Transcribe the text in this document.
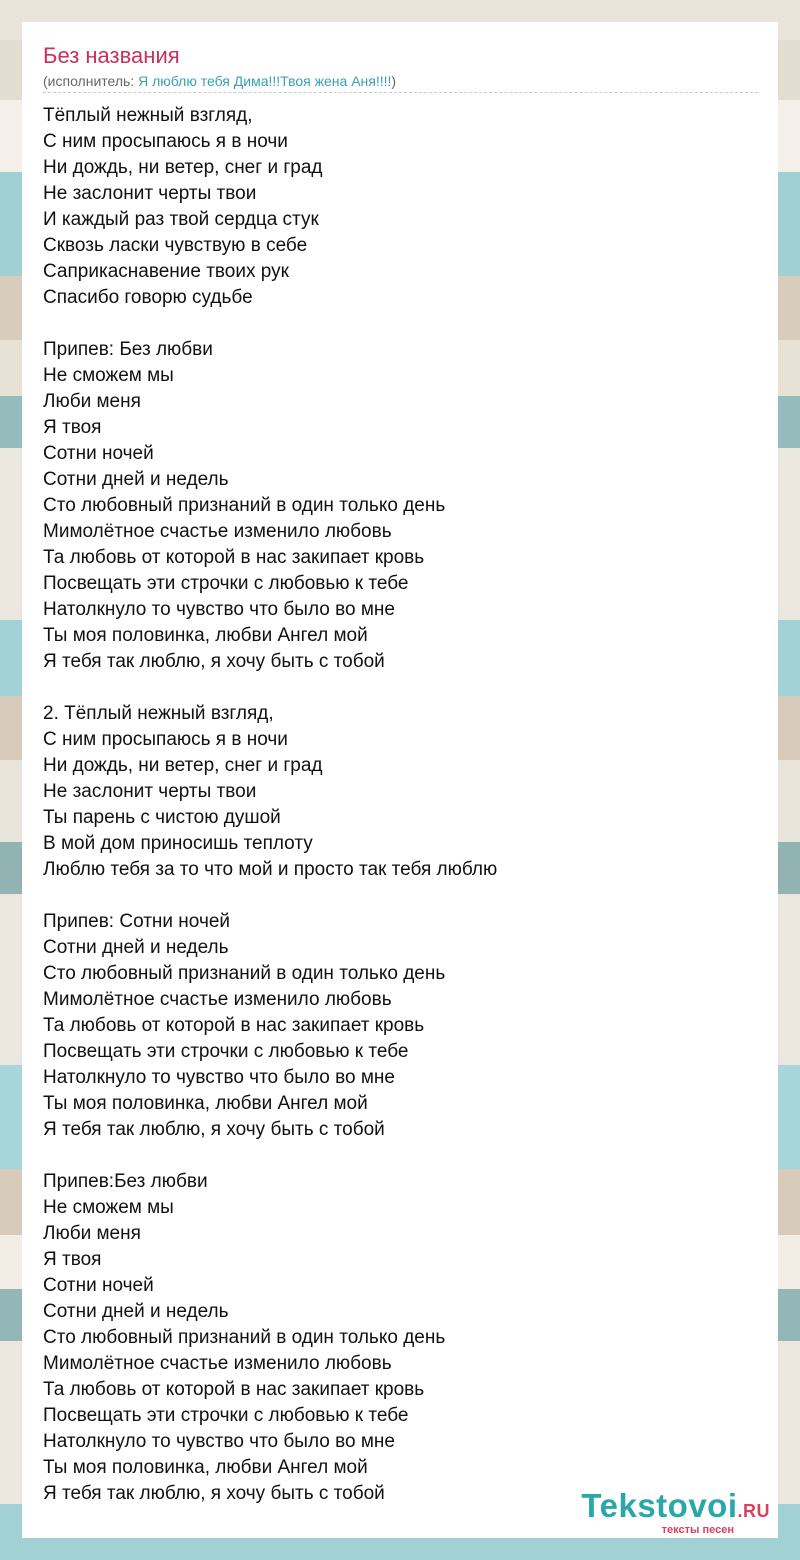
Без названия
(исполнитель: Я люблю тебя Дима!!!Твоя жена Аня!!!!)
Тёплый нежный взгляд,
С ним просыпаюсь я в ночи
Ни дождь, ни ветер, снег и град
Не заслонит черты твои
И каждый раз твой сердца стук
Сквозь ласки чувствую в себе
Саприкаснавение твоих рук
Спасибо говорю судьбе
Припев: Без любви
Не сможем мы
Люби меня
Я твоя
Сотни ночей
Сотни дней и недель
Сто любовный признаний в один только день
Мимолётное счастье изменило любовь
Та любовь от которой в нас закипает кровь
Посвещать эти строчки с любовью к тебе
Натолкнуло то чувство что было во мне
Ты моя половинка, любви Ангел мой
Я тебя так люблю, я хочу быть с тобой
2. Тёплый нежный взгляд,
С ним просыпаюсь я в ночи
Ни дождь, ни ветер, снег и град
Не заслонит черты твои
Ты парень с чистою душой
В мой дом приносишь теплоту
Люблю тебя за то что мой и просто так тебя люблю
Припев: Сотни ночей
Сотни дней и недель
Сто любовный признаний в один только день
Мимолётное счастье изменило любовь
Та любовь от которой в нас закипает кровь
Посвещать эти строчки с любовью к тебе
Натолкнуло то чувство что было во мне
Ты моя половинка, любви Ангел мой
Я тебя так люблю, я хочу быть с тобой
Припев:Без любви
Не сможем мы
Люби меня
Я твоя
Сотни ночей
Сотни дней и недель
Сто любовный признаний в один только день
Мимолётное счастье изменило любовь
Та любовь от которой в нас закипает кровь
Посвещать эти строчки с любовью к тебе
Натолкнуло то чувство что было во мне
Ты моя половинка, любви Ангел мой
Я тебя так люблю, я хочу быть с тобой	Tekstovoi.RU
тексты песен
